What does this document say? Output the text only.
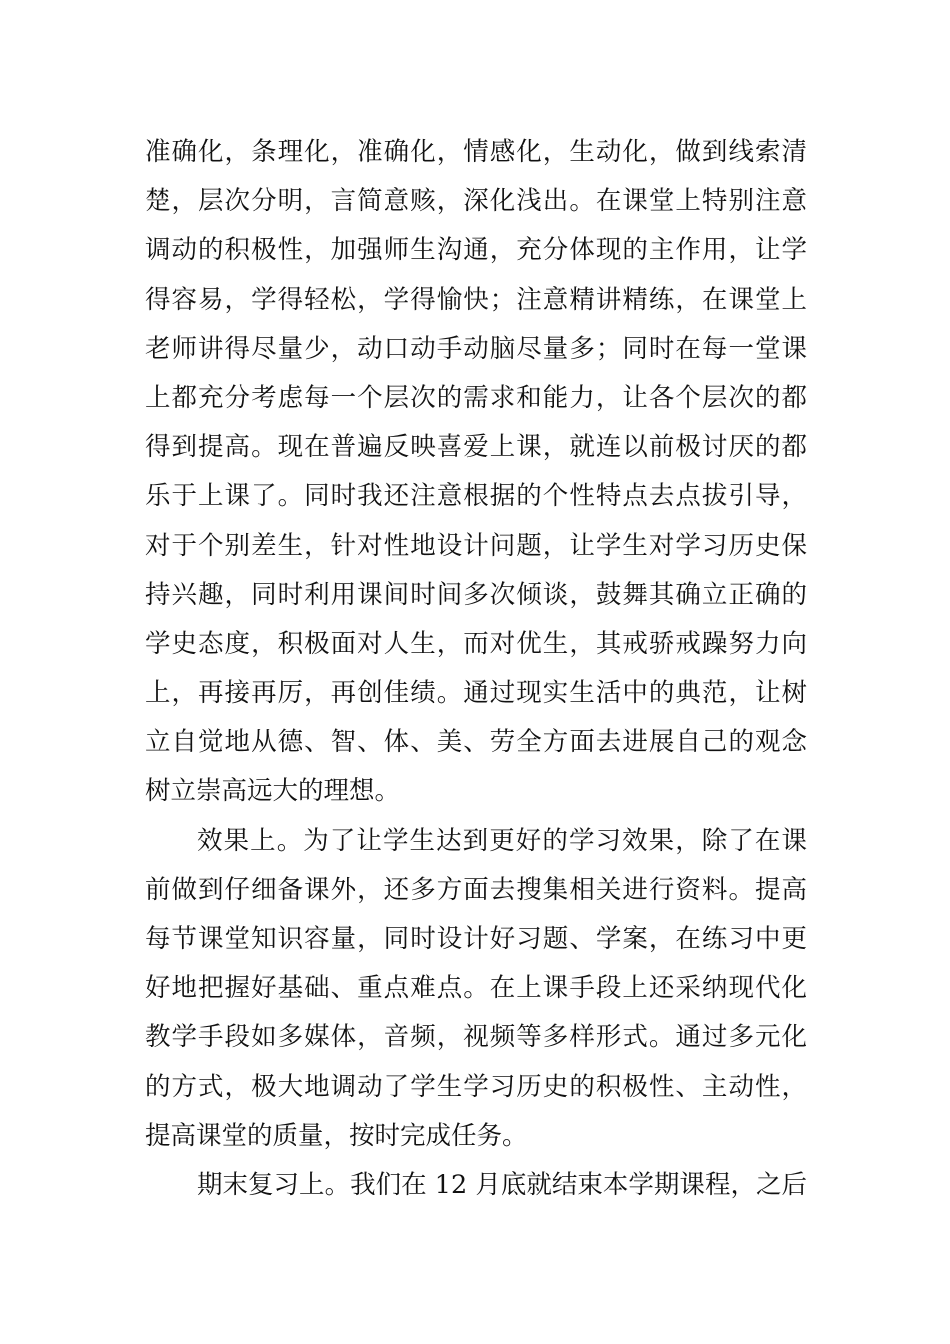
准确化，条理化，准确化，情感化，生动化，做到线索清
楚，层次分明，言简意赅，深化浅出。在课堂上特别注意
调动的积极性，加强师生沟通，充分体现的主作用，让学
得容易，学得轻松，学得愉快；注意精讲精练，在课堂上
老师讲得尽量少，动口动手动脑尽量多；同时在每一堂课
上都充分考虑每一个层次的需求和能力，让各个层次的都
得到提高。现在普遍反映喜爱上课，就连以前极讨厌的都
乐于上课了。同时我还注意根据的个性特点去点拔引导，
对于个别差生，针对性地设计问题，让学生对学习历史保
持兴趣，同时利用课间时间多次倾谈，鼓舞其确立正确的
学史态度，积极面对人生，而对优生，其戒骄戒躁努力向
上，再接再厉，再创佳绩。通过现实生活中的典范，让树
立自觉地从德、智、体、美、劳全方面去进展自己的观念
树立崇高远大的理想。
效果上。为了让学生达到更好的学习效果，除了在课
前做到仔细备课外，还多方面去搜集相关进行资料。提高
每节课堂知识容量，同时设计好习题、学案，在练习中更
好地把握好基础、重点难点。在上课手段上还采纳现代化
教学手段如多媒体，音频，视频等多样形式。通过多元化
的方式，极大地调动了学生学习历史的积极性、主动性，
提高课堂的质量，按时完成任务。
期末复习上。我们在 12 月底就结束本学期课程，之后
